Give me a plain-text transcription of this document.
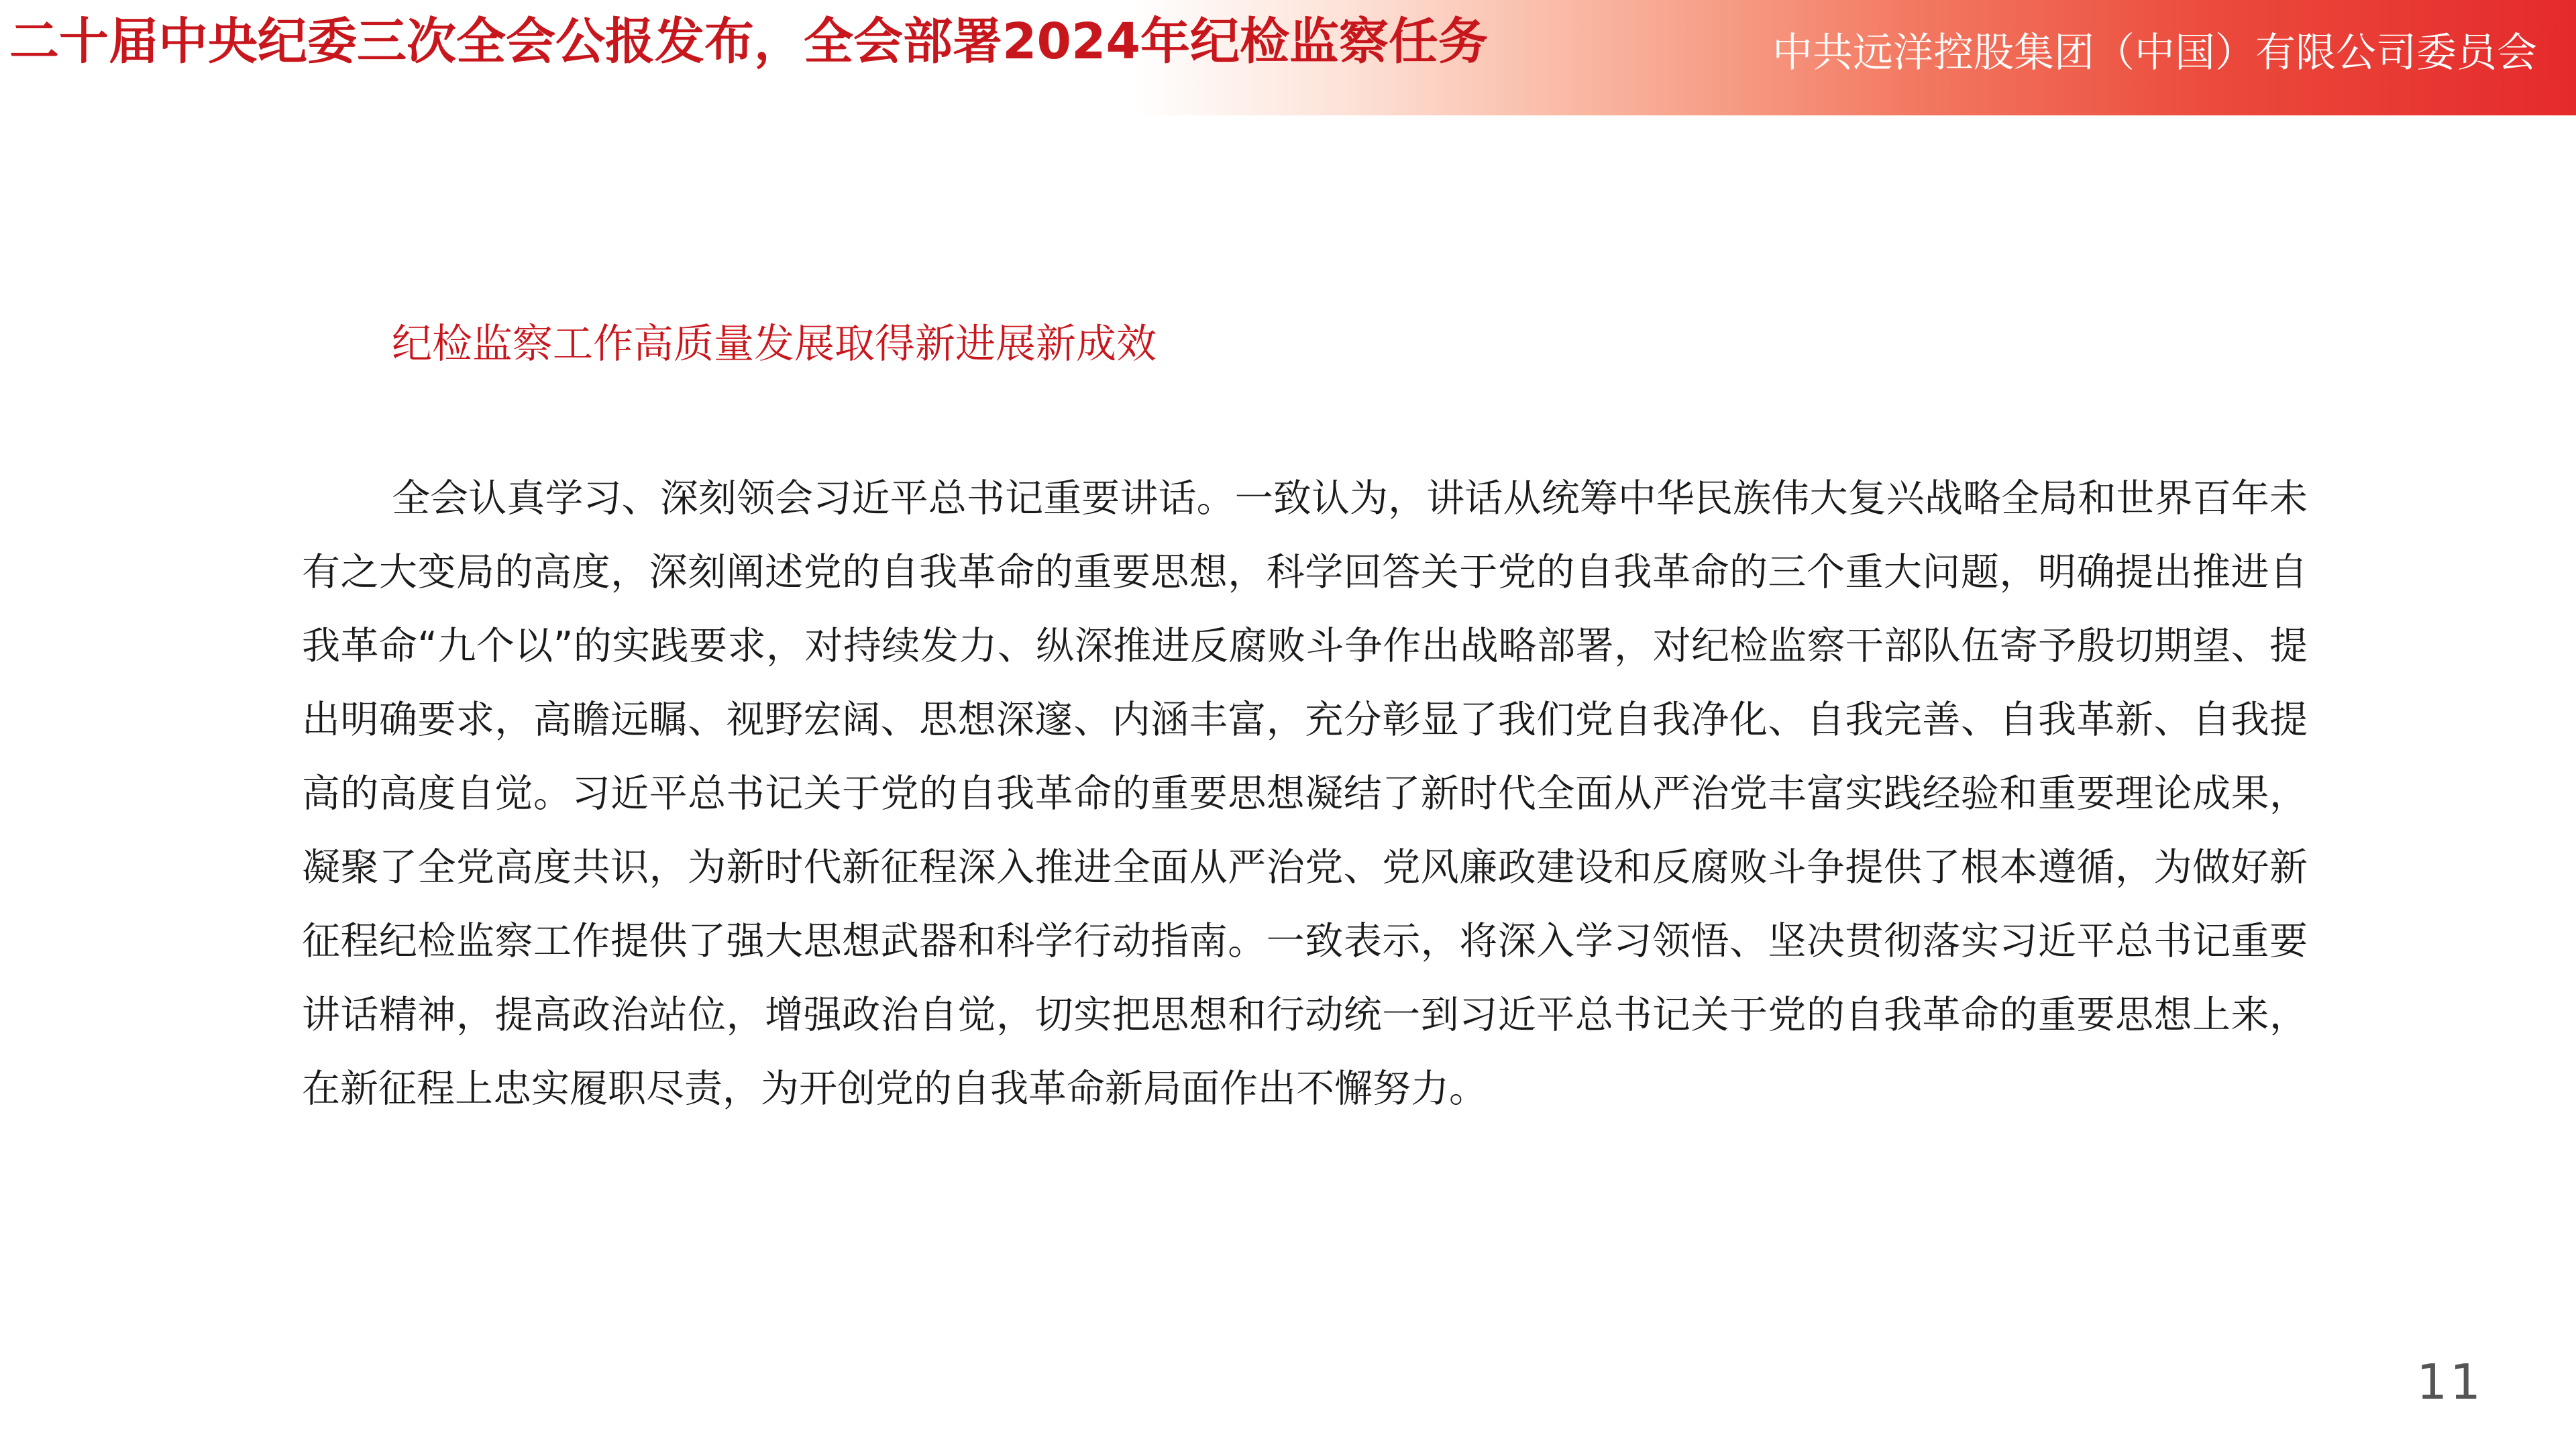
二十届中央纪委三次全会公报发布，全会部署2024年纪检监察任务	中共远洋控股集团（中国）有限公司委员会
纪检监察工作高质量发展取得新进展新成效

全会认真学习、深刻领会习近平总书记重要讲话。一致认为，讲话从统筹中华民族伟大复兴战略全局和世界百年未有之大变局的高度，深刻阐述党的自我革命的重要思想，科学回答关于党的自我革命的三个重大问题，明确提出推进自我革命“九个以”的实践要求，对持续发力、纵深推进反腐败斗争作出战略部署，对纪检监察干部队伍寄予殷切期望、提出明确要求，高瞻远瞩、视野宏阔、思想深邃、内涵丰富，充分彰显了我们党自我净化、自我完善、自我革新、自我提高的高度自觉。习近平总书记关于党的自我革命的重要思想凝结了新时代全面从严治党丰富实践经验和重要理论成果，凝聚了全党高度共识，为新时代新征程深入推进全面从严治党、党风廉政建设和反腐败斗争提供了根本遵循，为做好新征程纪检监察工作提供了强大思想武器和科学行动指南。一致表示，将深入学习领悟、坚决贯彻落实习近平总书记重要讲话精神，提高政治站位，增强政治自觉，切实把思想和行动统一到习近平总书记关于党的自我革命的重要思想上来，在新征程上忠实履职尽责，为开创党的自我革命新局面作出不懈努力。

11
